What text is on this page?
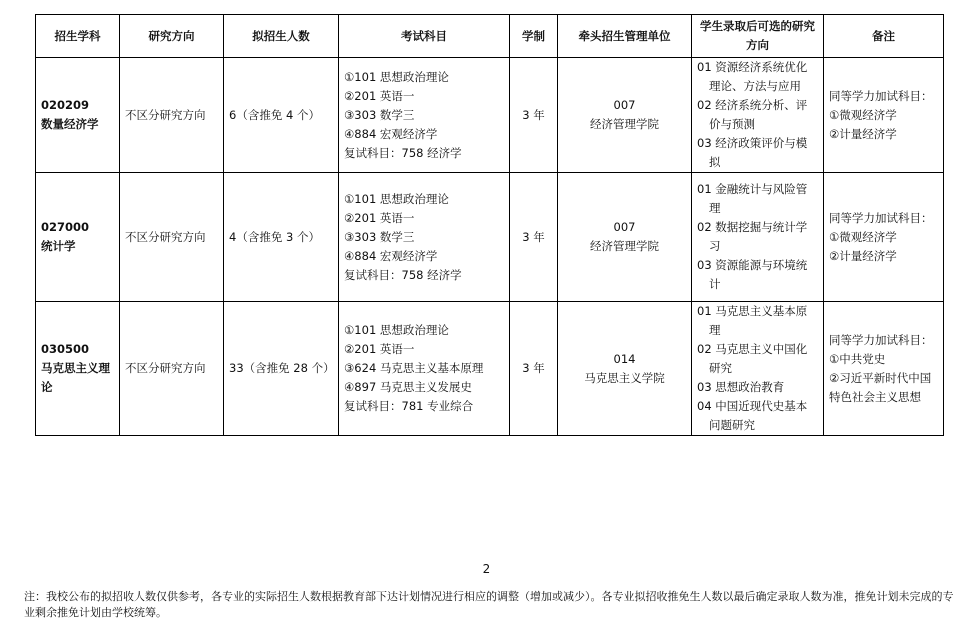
招生学科	研究方向	拟招生人数	考试科目	学制	牵头招生管理单位	学生录取后可选的研究方向	备注

020209
数量经济学	不区分研究方向	6（含推免 4 个）	①101 思想政治理论
②201 英语一
③303 数学三
④884 宏观经济学
复试科目：758 经济学	3 年	007
经济管理学院	01 资源经济系统优化理论、方法与应用
02 经济系统分析、评价与预测
03 经济政策评价与模拟	同等学力加试科目：
①微观经济学
②计量经济学

027000
统计学	不区分研究方向	4（含推免 3 个）	①101 思想政治理论
②201 英语一
③303 数学三
④884 宏观经济学
复试科目：758 经济学	3 年	007
经济管理学院	01 金融统计与风险管理
02 数据挖掘与统计学习
03 资源能源与环境统计	同等学力加试科目：
①微观经济学
②计量经济学

030500
马克思主义理论	不区分研究方向	33（含推免 28 个）	①101 思想政治理论
②201 英语一
③624 马克思主义基本原理
④897 马克思主义发展史
复试科目：781 专业综合	3 年	014
马克思主义学院	01 马克思主义基本原理
02 马克思主义中国化研究
03 思想政治教育
04 中国近现代史基本问题研究	同等学力加试科目：
①中共党史
②习近平新时代中国特色社会主义思想
2
注：我校公布的拟招收人数仅供参考，各专业的实际招生人数根据教育部下达计划情况进行相应的调整（增加或减少）。各专业拟招收推免生人数以最后确定录取人数为准，推免计划未完成的专业剩余推免计划由学校统筹。
